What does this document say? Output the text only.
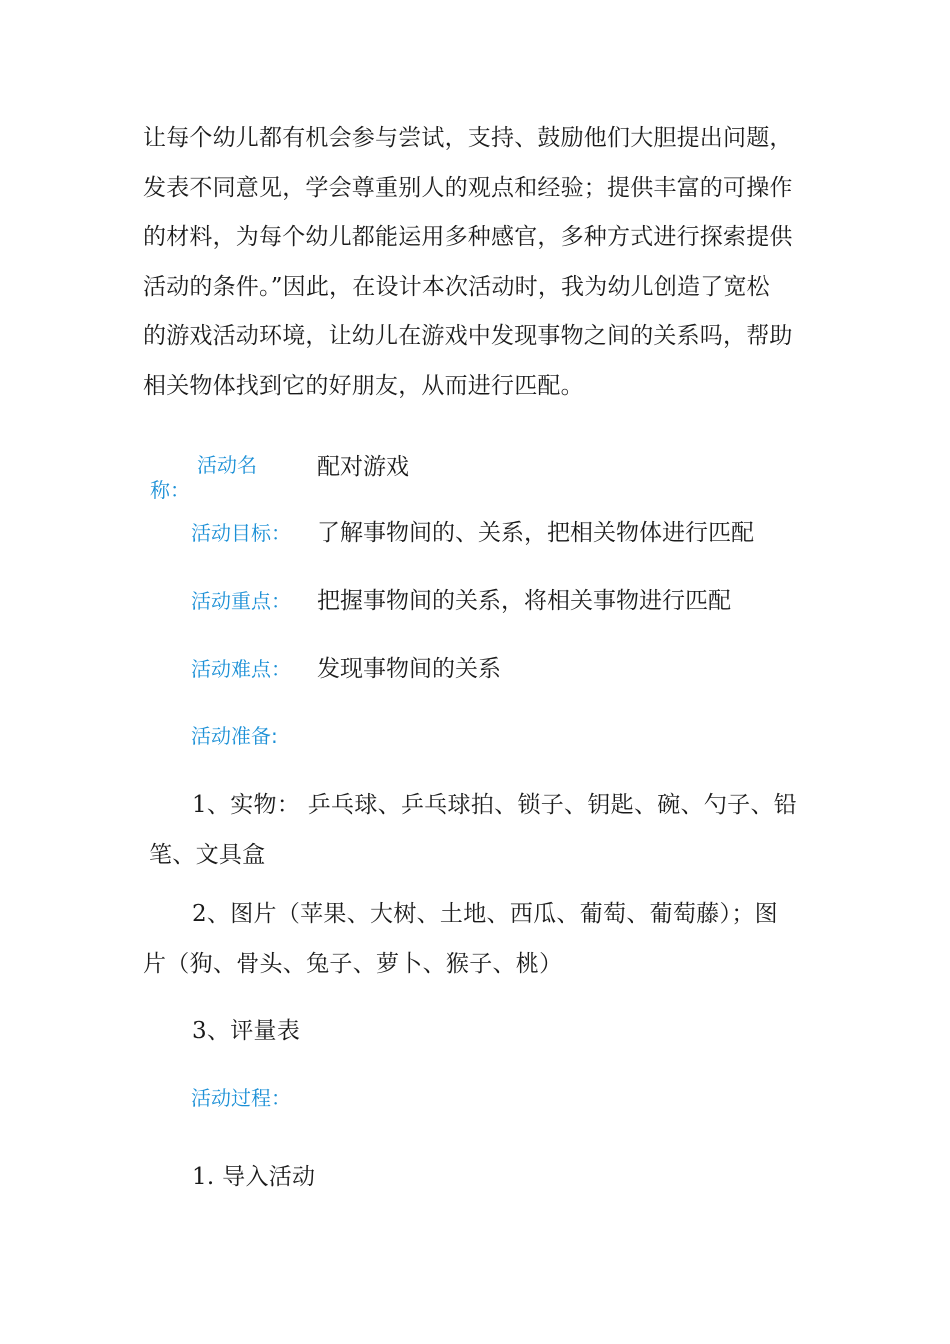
让每个幼儿都有机会参与尝试，支持、鼓励他们大胆提出问题，
发表不同意见，学会尊重别人的观点和经验；提供丰富的可操作
的材料，为每个幼儿都能运用多种感官，多种方式进行探索提供
活动的条件。”因此，在设计本次活动时，我为幼儿创造了宽松
的游戏活动环境，让幼儿在游戏中发现事物之间的关系吗，帮助
相关物体找到它的好朋友，从而进行匹配。

活动名
称：
配对游戏
活动目标： 了解事物间的、关系，把相关物体进行匹配
活动重点： 把握事物间的关系，将相关事物进行匹配
活动难点： 发现事物间的关系
活动准备:
1、实物： 乒乓球、乒乓球拍、锁子、钥匙、碗、勺子、铅
笔、文具盒
2、图片（苹果、大树、土地、西瓜、葡萄、葡萄藤）；图
片（狗、骨头、兔子、萝卜、猴子、桃）
3、评量表
活动过程：
1. 导入活动
